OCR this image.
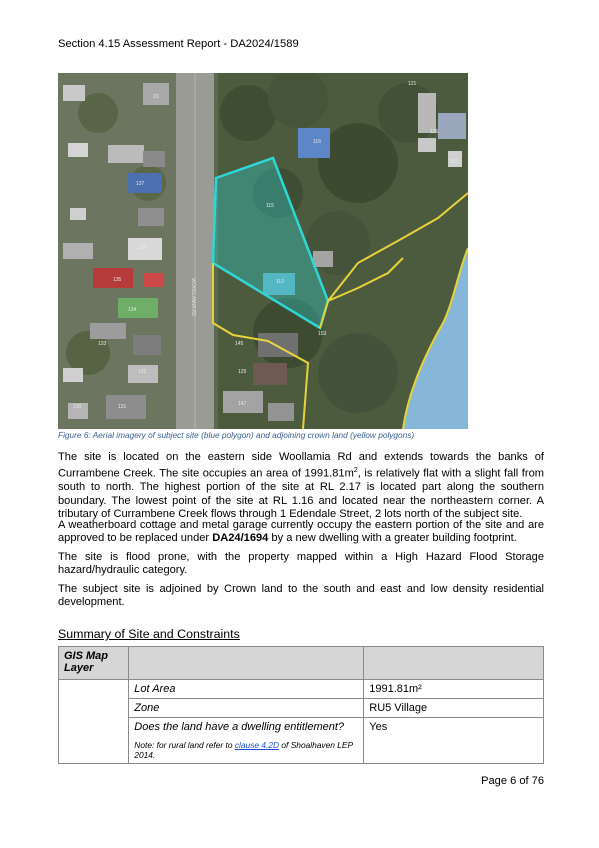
Section 4.15 Assessment Report - DA2024/1589
WOOLLAMIA RD
116
23
137
115
138
136
113
135
134
133
152
132
131
130
129
153
145
147
121
Figure 6: Aerial imagery of subject site (blue polygon) and adjoining crown land (yellow polygons)

The site is located on the eastern side Woollamia Rd and extends towards the banks of Currambene Creek. The site occupies an area of $1991.81m^2$, is relatively flat with a slight fall from south to north. The highest portion of the site at RL 2.17 is located part along the southern boundary. The lowest point of the site at RL 1.16 and located near the northeastern corner. A tributary of Currambene Creek flows through 1 Edendale Street, 2 lots north of the subject site.

A weatherboard cottage and metal garage currently occupy the eastern portion of the site and are approved to be replaced under DA24/1694 by a new dwelling with a greater building footprint.

The site is flood prone, with the property mapped within a High Hazard Flood Storage hazard/hydraulic category.

The subject site is adjoined by Crown land to the south and east and low density residential development.

Summary of Site and Constraints
GIS Map Layer		

	Lot Area	1991.81m²
	Zone	RU5 Village

	Does the land have a dwelling entitlement?
Note: for rural land refer to clause 4.2D of Shoalhaven LEP 2014.	Yes
Page 6 of 76
